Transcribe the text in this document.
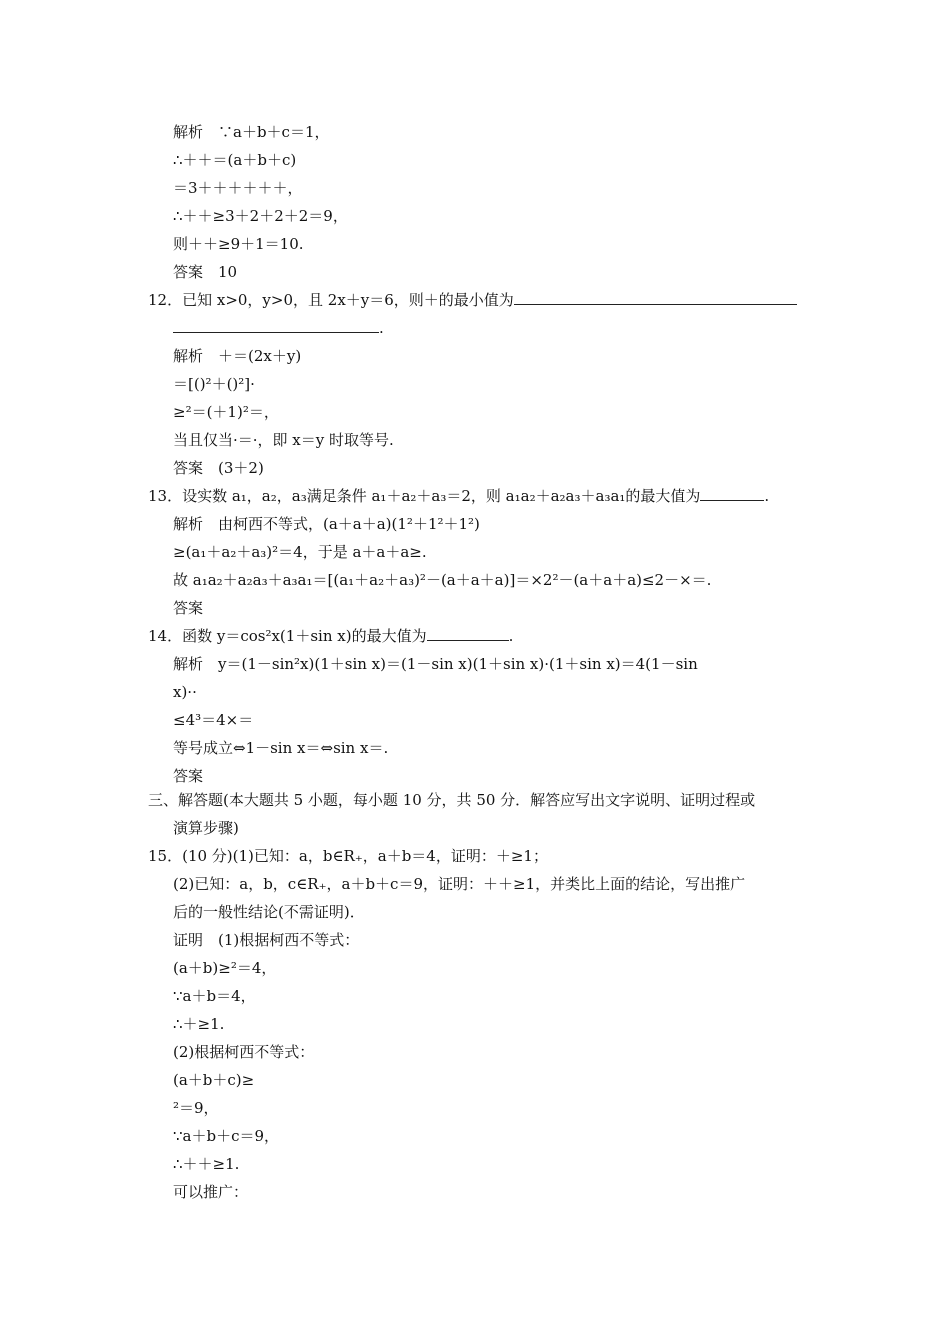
解析　∵a＋b＋c＝1，
∴＋＋＝(a＋b＋c)
＝3＋＋＋＋＋＋，
∴＋＋≥3＋2＋2＋2＝9，
则＋＋≥9＋1＝10.
答案　10
12．已知 x>0，y>0，且 2x＋y＝6，则＋的最小值为
.
解析　＋＝(2x＋y)
＝[()²＋()²]·
≥²＝(＋1)²＝，
当且仅当·＝·，即 x＝y 时取等号.
答案　(3＋2)
13．设实数 a₁，a₂，a₃满足条件 a₁＋a₂＋a₃＝2，则 a₁a₂＋a₂a₃＋a₃a₁的最大值为	.
解析　由柯西不等式，(a＋a＋a)(1²＋1²＋1²)
≥(a₁＋a₂＋a₃)²＝4，于是 a＋a＋a≥.
故 a₁a₂＋a₂a₃＋a₃a₁＝[(a₁＋a₂＋a₃)²－(a＋a＋a)]＝×2²－(a＋a＋a)≤2－×＝.
答案
14．函数 y＝cos²x(1＋sin x)的最大值为	.
解析　y＝(1－sin²x)(1＋sin x)＝(1－sin x)(1＋sin x)·(1＋sin x)＝4(1－sin
x)··
≤4³＝4×＝
等号成立⇔1－sin x＝⇔sin x＝.
答案
三、解答题(本大题共 5 小题，每小题 10 分，共 50 分．解答应写出文字说明、证明过程或
演算步骤)
15．(10 分)(1)已知：a，b∈R₊，a＋b＝4，证明：＋≥1；
(2)已知：a，b，c∈R₊，a＋b＋c＝9，证明：＋＋≥1，并类比上面的结论，写出推广
后的一般性结论(不需证明)．
证明　(1)根据柯西不等式：
(a＋b)≥²＝4，
∵a＋b＝4，
∴＋≥1.
(2)根据柯西不等式：
(a＋b＋c)≥
²＝9，
∵a＋b＋c＝9，
∴＋＋≥1.
可以推广：
